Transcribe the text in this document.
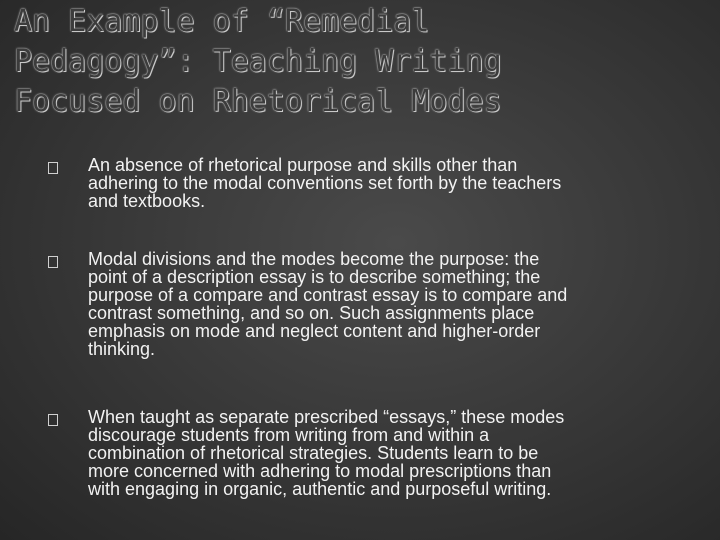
An Example of “Remedial
Pedagogy”: Teaching Writing
Focused on Rhetorical Modes

An absence of rhetorical purpose and skills other than
adhering to the modal conventions set forth by the teachers
and textbooks.

Modal divisions and the modes become the purpose: the
point of a description essay is to describe something; the
purpose of a compare and contrast essay is to compare and
contrast something, and so on. Such assignments place
emphasis on mode and neglect content and higher-order
thinking.

When taught as separate prescribed “essays,” these modes
discourage students from writing from and within a
combination of rhetorical strategies. Students learn to be
more concerned with adhering to modal prescriptions than
with engaging in organic, authentic and purposeful writing.
